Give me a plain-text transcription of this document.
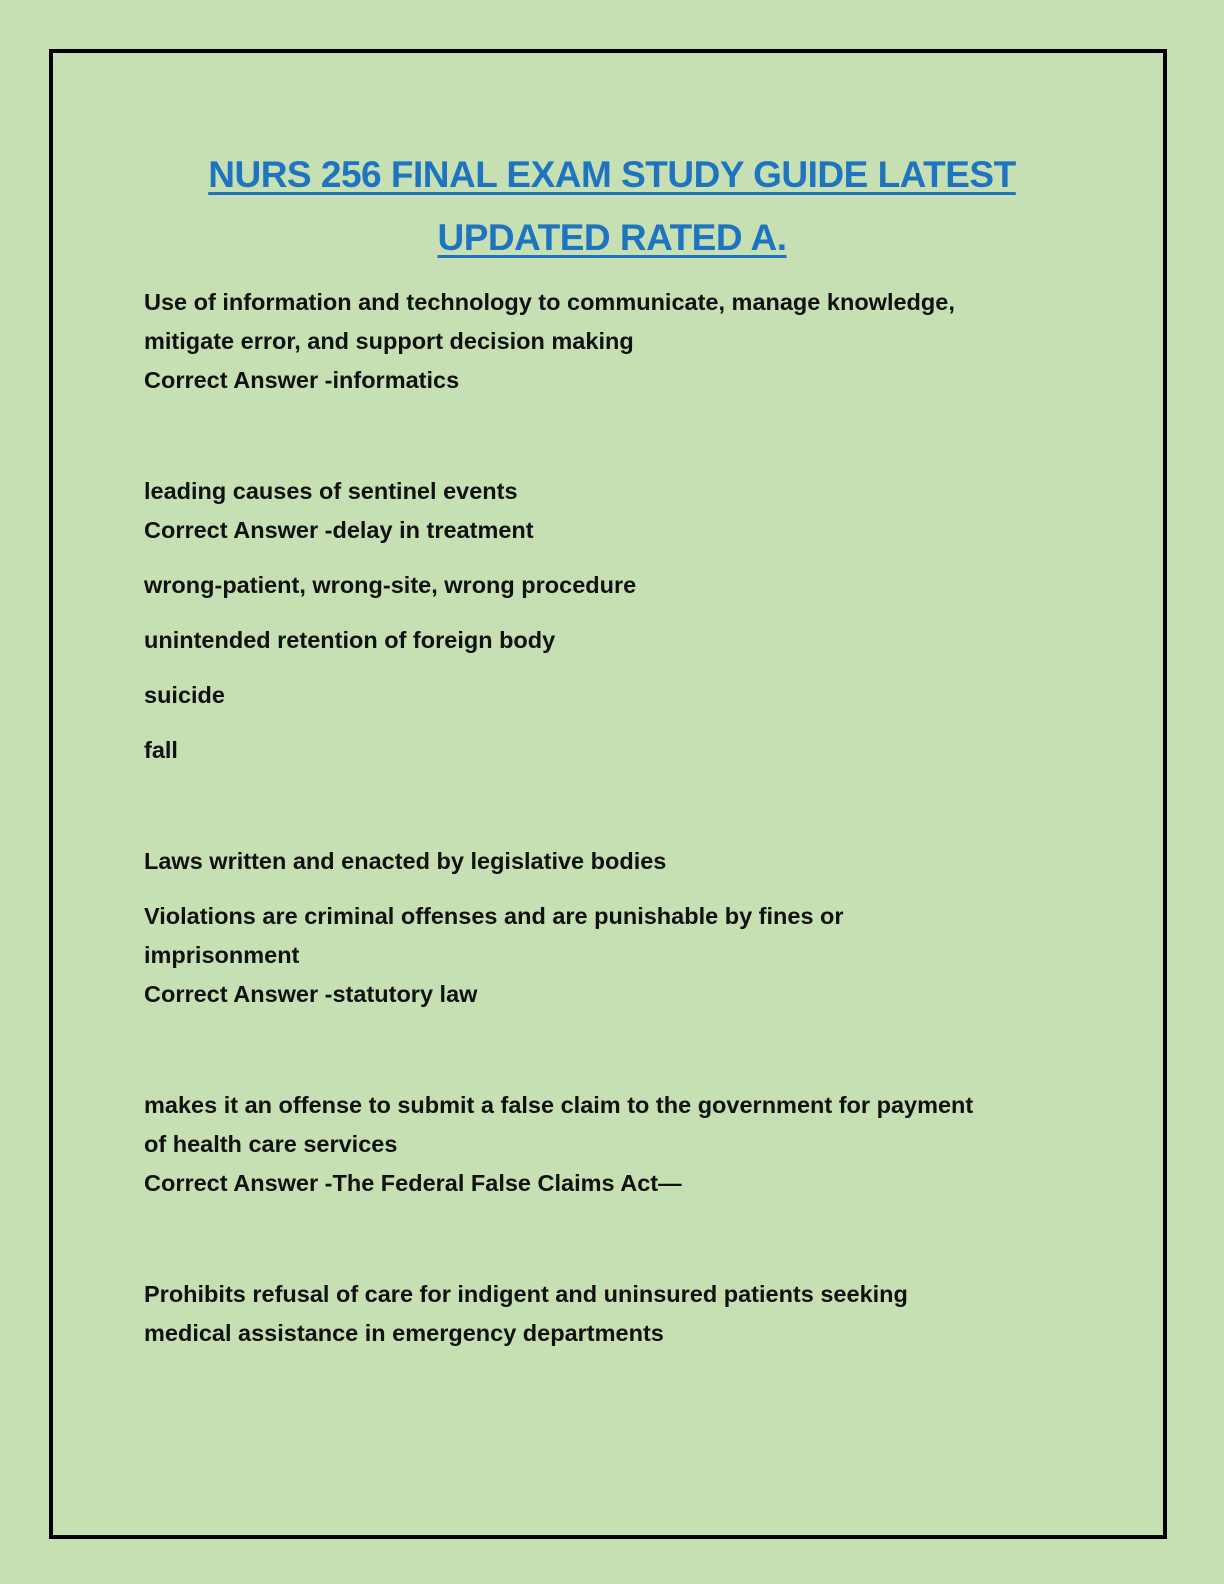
NURS 256 FINAL EXAM STUDY GUIDE LATEST
UPDATED RATED A.
Use of information and technology to communicate, manage knowledge,
mitigate error, and support decision making
Correct Answer -informatics
leading causes of sentinel events
Correct Answer -delay in treatment
wrong-patient, wrong-site, wrong procedure
unintended retention of foreign body
suicide
fall
Laws written and enacted by legislative bodies
Violations are criminal offenses and are punishable by fines or
imprisonment
Correct Answer -statutory law
makes it an offense to submit a false claim to the government for payment
of health care services
Correct Answer -The Federal False Claims Act—
Prohibits refusal of care for indigent and uninsured patients seeking
medical assistance in emergency departments
